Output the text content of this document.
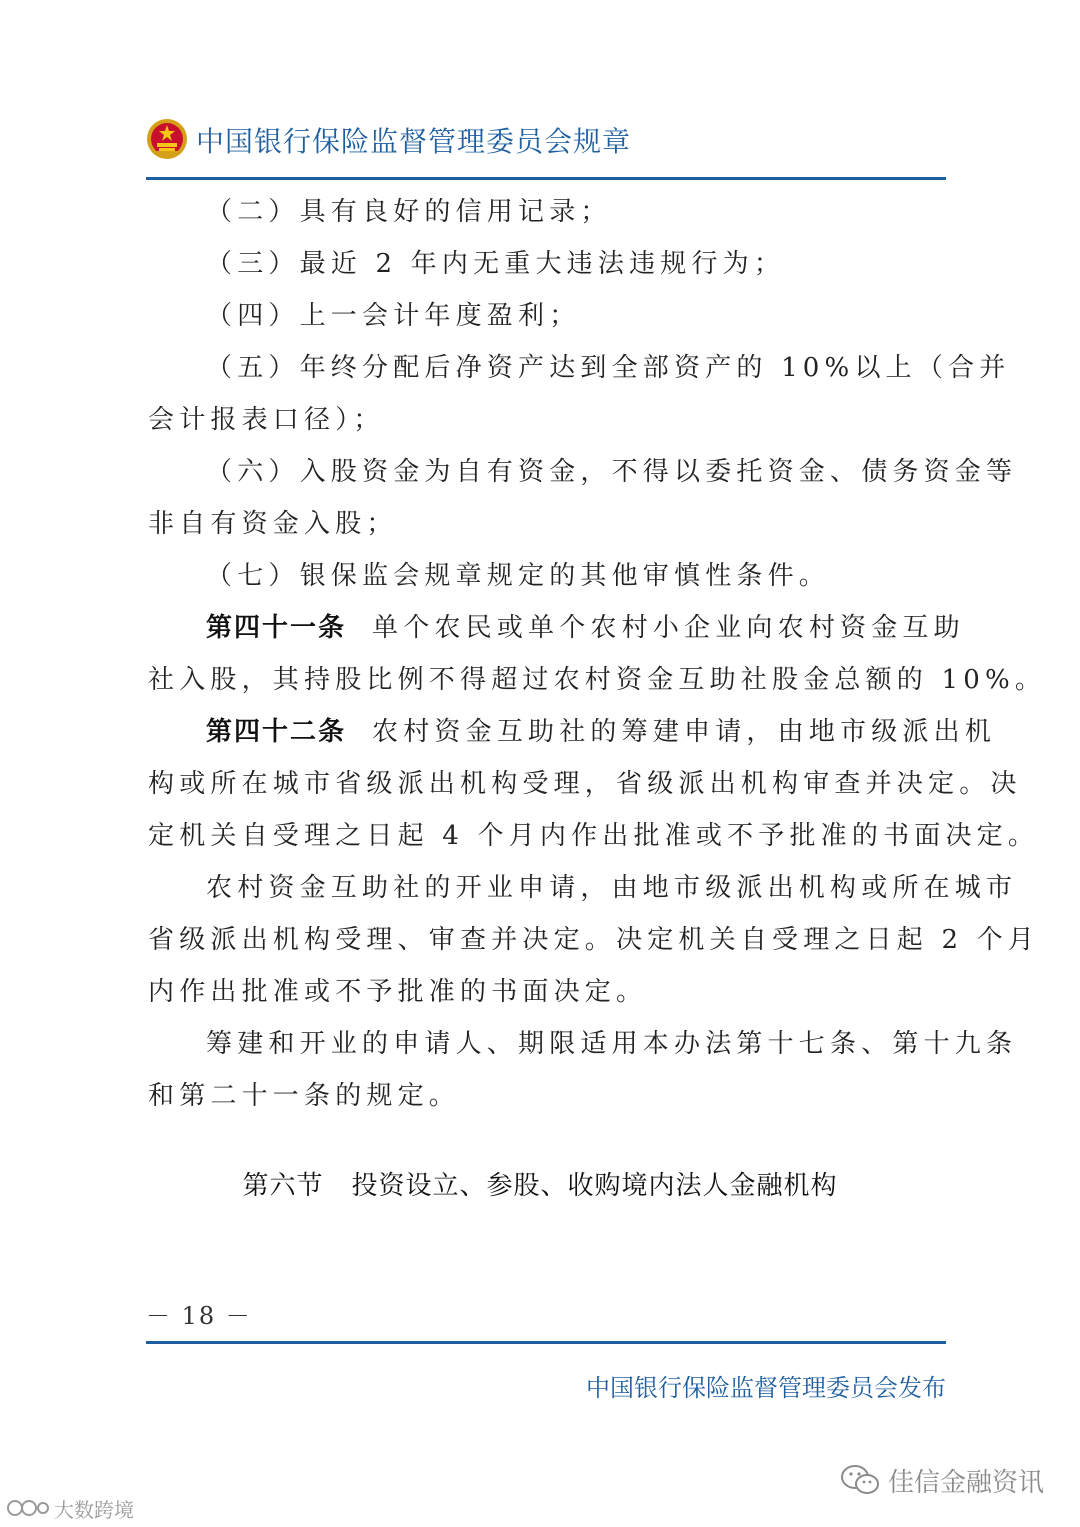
中国银行保险监督管理委员会规章
（二）具有良好的信用记录；
（三）最近 2 年内无重大违法违规行为；
（四）上一会计年度盈利；
（五）年终分配后净资产达到全部资产的 10%以上（合并
会计报表口径）；
（六）入股资金为自有资金，不得以委托资金、债务资金等
非自有资金入股；
（七）银保监会规章规定的其他审慎性条件。
第四十一条 单个农民或单个农村小企业向农村资金互助
社入股，其持股比例不得超过农村资金互助社股金总额的 10%。
第四十二条 农村资金互助社的筹建申请，由地市级派出机
构或所在城市省级派出机构受理，省级派出机构审查并决定。决
定机关自受理之日起 4 个月内作出批准或不予批准的书面决定。
农村资金互助社的开业申请，由地市级派出机构或所在城市
省级派出机构受理、审查并决定。决定机关自受理之日起 2 个月
内作出批准或不予批准的书面决定。
筹建和开业的申请人、期限适用本办法第十七条、第十九条
和第二十一条的规定。
第六节 投资设立、参股、收购境内法人金融机构
－ 18 －
中国银行保险监督管理委员会发布
佳信金融资讯
大数跨境
